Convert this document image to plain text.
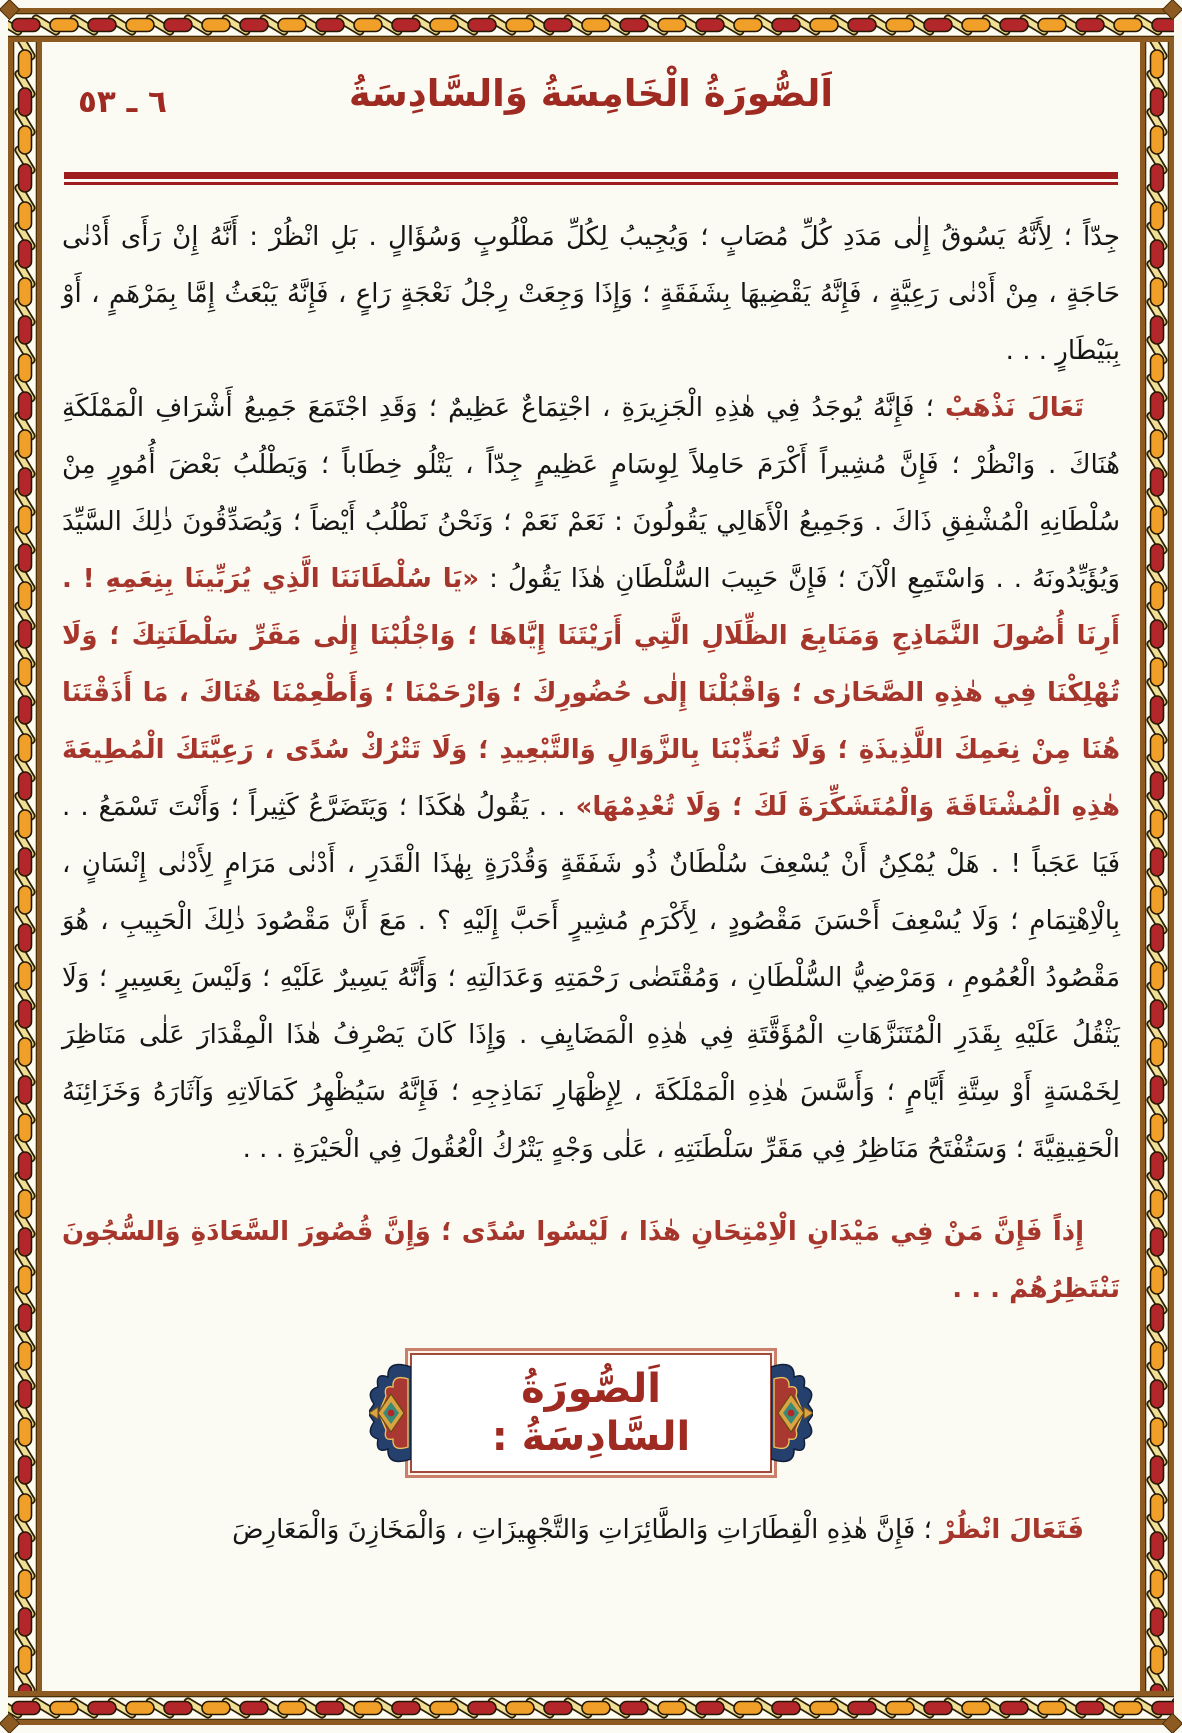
٦ ـ ٥٣	اَلصُّورَةُ الْخَامِسَةُ وَالسَّادِسَةُ

جِدّاً ؛ لِأَنَّهُ يَسُوقُ إِلٰى مَدَدِ كُلِّ مُصَابٍ ؛ وَيُجِيبُ لِكُلِّ مَطْلُوبٍ وَسُؤَالٍ . بَلِ انْظُرْ : أَنَّهُ إِنْ رَأَى أَدْنٰى حَاجَةٍ ، مِنْ أَدْنٰى رَعِيَّةٍ ، فَإِنَّهُ يَقْضِيهَا بِشَفَقَةٍ ؛ وَإِذَا وَجِعَتْ رِجْلُ نَعْجَةٍ رَاعٍ ، فَإِنَّهُ يَبْعَثُ إِمَّا بِمَرْهَمٍ ، أَوْ بِبَيْطَارٍ . . .

تَعَالَ نَذْهَبْ ؛ فَإِنَّهُ يُوجَدُ فِي هٰذِهِ الْجَزِيرَةِ ، اجْتِمَاعٌ عَظِيمٌ ؛ وَقَدِ اجْتَمَعَ جَمِيعُ أَشْرَافِ الْمَمْلَكَةِ هُنَاكَ . وَانْظُرْ ؛ فَإِنَّ مُشِيراً أَكْرَمَ حَامِلاً لِوِسَامٍ عَظِيمٍ جِدّاً ، يَتْلُو خِطَاباً ؛ وَيَطْلُبُ بَعْضَ أُمُورٍ مِنْ سُلْطَانِهِ الْمُشْفِقِ ذَاكَ . وَجَمِيعُ الْأَهَالِي يَقُولُونَ : نَعَمْ نَعَمْ ؛ وَنَحْنُ نَطْلُبُ أَيْضاً ؛ وَيُصَدِّقُونَ ذٰلِكَ السَّيِّدَ وَيُؤَيِّدُونَهُ . . وَاسْتَمِعِ الْآنَ ؛ فَإِنَّ حَبِيبَ السُّلْطَانِ هٰذَا يَقُولُ : «يَا سُلْطَانَنَا الَّذِي يُرَبِّينَا بِنِعَمِهِ ! . أَرِنَا أُصُولَ النَّمَاذِجِ وَمَنَابِعَ الظِّلَالِ الَّتِي أَرَيْتَنَا إِيَّاهَا ؛ وَاجْلُبْنَا إِلٰى مَقَرِّ سَلْطَنَتِكَ ؛ وَلَا تُهْلِكْنَا فِي هٰذِهِ الصَّحَارٰى ؛ وَاقْبُلْنَا إِلٰى حُضُورِكَ ؛ وَارْحَمْنَا ؛ وَأَطْعِمْنَا هُنَاكَ ، مَا أَذَقْتَنَا هُنَا مِنْ نِعَمِكَ اللَّذِيذَةِ ؛ وَلَا تُعَذِّبْنَا بِالزَّوَالِ وَالتَّبْعِيدِ ؛ وَلَا تَتْرُكْ سُدًى ، رَعِيَّتَكَ الْمُطِيعَةَ هٰذِهِ الْمُشْتَاقَةَ وَالْمُتَشَكِّرَةَ لَكَ ؛ وَلَا تُعْدِمْهَا» . . يَقُولُ هٰكَذَا ؛ وَيَتَضَرَّعُ كَثِيراً ؛ وَأَنْتَ تَسْمَعُ . . فَيَا عَجَباً ! . هَلْ يُمْكِنُ أَنْ يُسْعِفَ سُلْطَانٌ ذُو شَفَقَةٍ وَقُدْرَةٍ بِهٰذَا الْقَدَرِ ، أَدْنٰى مَرَامٍ لِأَدْنٰى إِنْسَانٍ ، بِالْاِهْتِمَامِ ؛ وَلَا يُسْعِفَ أَحْسَنَ مَقْصُودٍ ، لِأَكْرَمِ مُشِيرٍ أَحَبَّ إِلَيْهِ ؟ . مَعَ أَنَّ مَقْصُودَ ذٰلِكَ الْحَبِيبِ ، هُوَ مَقْصُودُ الْعُمُومِ ، وَمَرْضِيُّ السُّلْطَانِ ، وَمُقْتَضٰى رَحْمَتِهِ وَعَدَالَتِهِ ؛ وَأَنَّهُ يَسِيرٌ عَلَيْهِ ؛ وَلَيْسَ بِعَسِيرٍ ؛ وَلَا يَثْقُلُ عَلَيْهِ بِقَدَرِ الْمُتَنَزَّهَاتِ الْمُؤَقَّتَةِ فِي هٰذِهِ الْمَضَايِفِ . وَإِذَا كَانَ يَصْرِفُ هٰذَا الْمِقْدَارَ عَلٰى مَنَاظِرَ لِخَمْسَةٍ أَوْ سِتَّةِ أَيَّامٍ ؛ وَأَسَّسَ هٰذِهِ الْمَمْلَكَةَ ، لِإِظْهَارِ نَمَاذِجِهِ ؛ فَإِنَّهُ سَيُظْهِرُ كَمَالَاتِهِ وَآثَارَهُ وَخَزَائِنَهُ الْحَقِيقِيَّةَ ؛ وَسَتُفْتَحُ مَنَاظِرُ فِي مَقَرِّ سَلْطَنَتِهِ ، عَلٰى وَجْهٍ يَتْرُكُ الْعُقُولَ فِي الْحَيْرَةِ . . .

إِذاً فَإِنَّ مَنْ فِي مَيْدَانِ الْاِمْتِحَانِ هٰذَا ، لَيْسُوا سُدًى ؛ وَإِنَّ قُصُورَ السَّعَادَةِ وَالسُّجُونَ تَنْتَظِرُهُمْ . . .

اَلصُّورَةُ السَّادِسَةُ :

فَتَعَالَ انْظُرْ ؛ فَإِنَّ هٰذِهِ الْقِطَارَاتِ وَالطَّائِرَاتِ وَالتَّجْهِيزَاتِ ، وَالْمَخَازِنَ وَالْمَعَارِضَ
